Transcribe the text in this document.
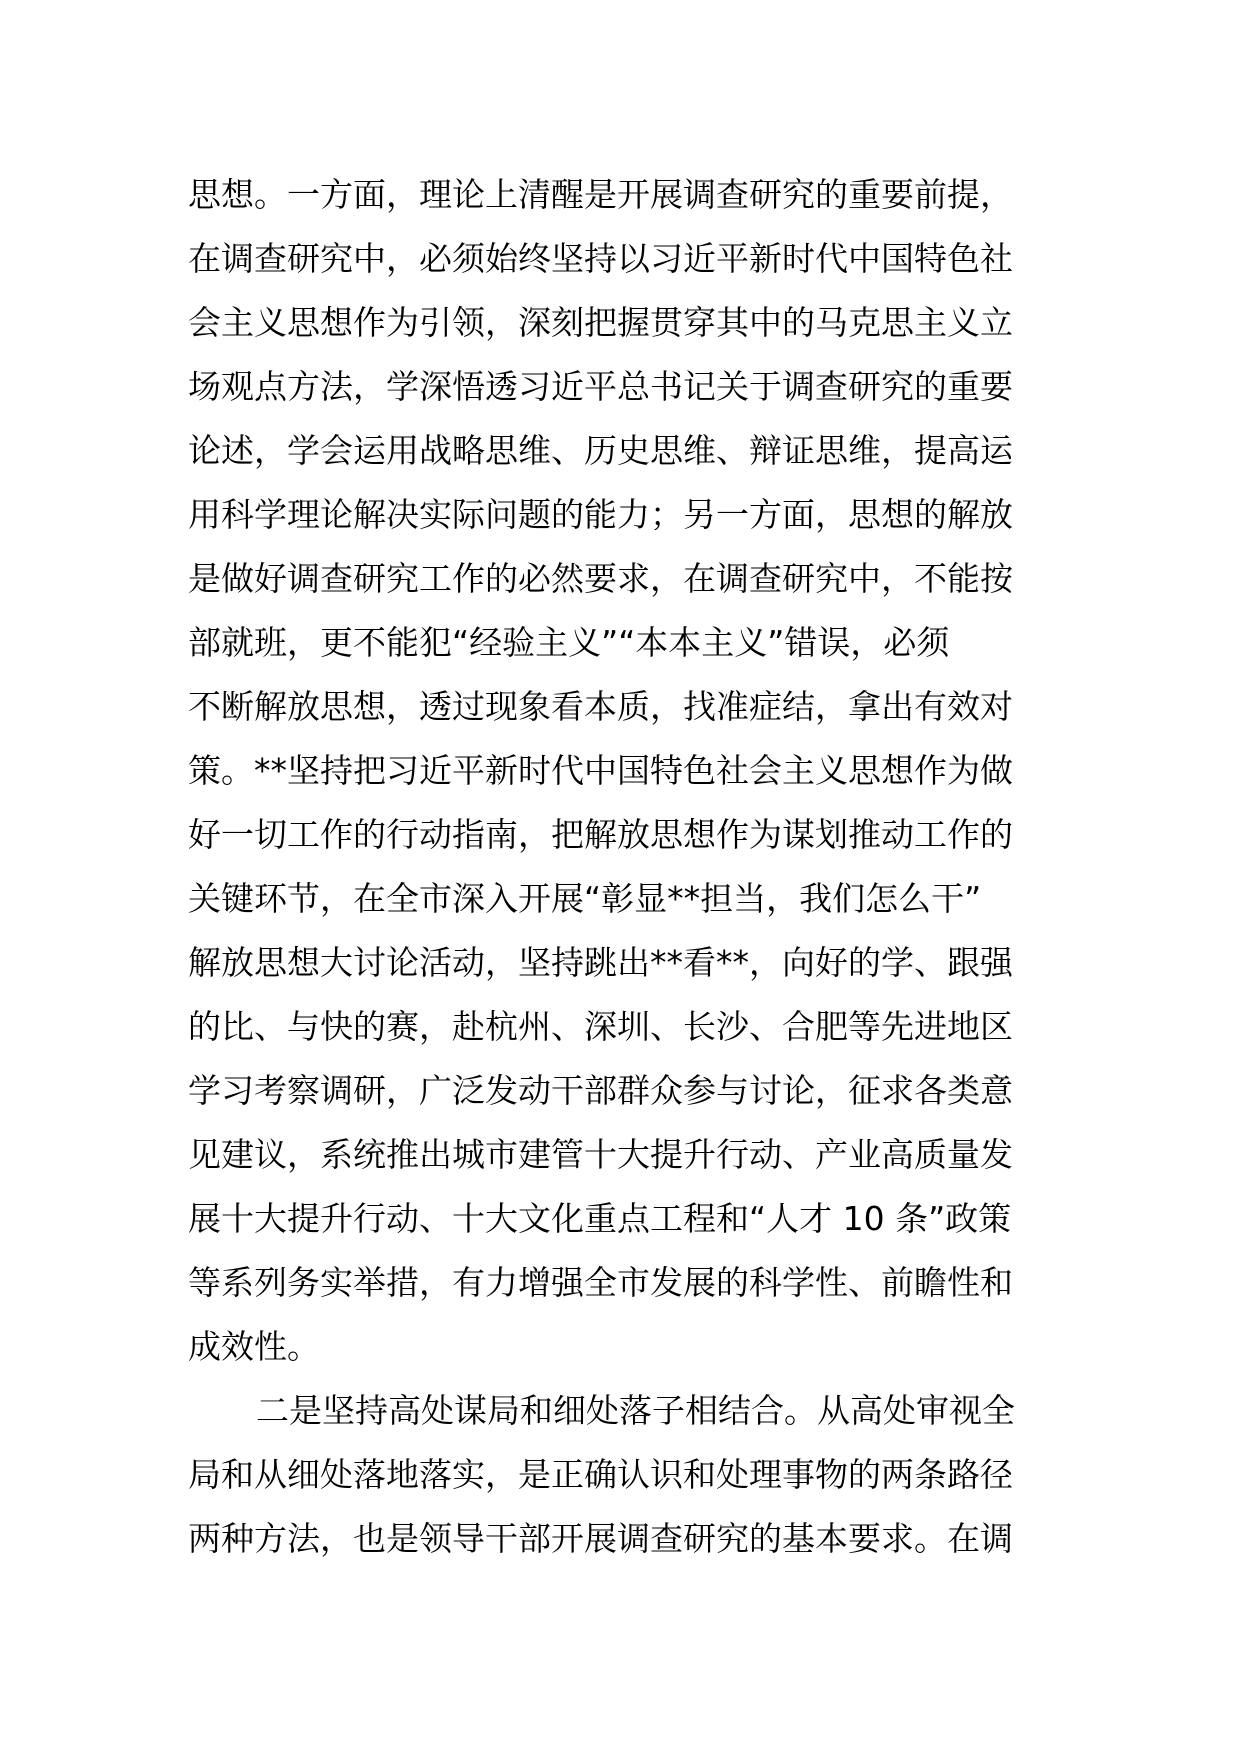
思想。一方面，理论上清醒是开展调查研究的重要前提，
在调查研究中，必须始终坚持以习近平新时代中国特色社
会主义思想作为引领，深刻把握贯穿其中的马克思主义立
场观点方法，学深悟透习近平总书记关于调查研究的重要
论述，学会运用战略思维、历史思维、辩证思维，提高运
用科学理论解决实际问题的能力；另一方面，思想的解放
是做好调查研究工作的必然要求，在调查研究中，不能按
部就班，更不能犯“经验主义”“本本主义”错误，必须
不断解放思想，透过现象看本质，找准症结，拿出有效对
策。**坚持把习近平新时代中国特色社会主义思想作为做
好一切工作的行动指南，把解放思想作为谋划推动工作的
关键环节，在全市深入开展“彰显**担当，我们怎么干”
解放思想大讨论活动，坚持跳出**看**，向好的学、跟强
的比、与快的赛，赴杭州、深圳、长沙、合肥等先进地区
学习考察调研，广泛发动干部群众参与讨论，征求各类意
见建议，系统推出城市建管十大提升行动、产业高质量发
展十大提升行动、十大文化重点工程和“人才 10 条”政策
等系列务实举措，有力增强全市发展的科学性、前瞻性和
成效性。
二是坚持高处谋局和细处落子相结合。从高处审视全
局和从细处落地落实，是正确认识和处理事物的两条路径
两种方法，也是领导干部开展调查研究的基本要求。在调
